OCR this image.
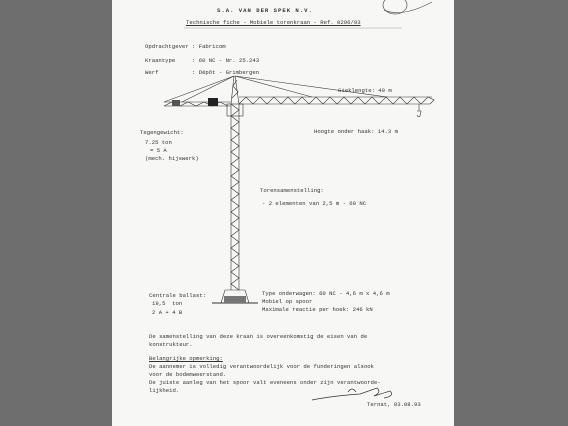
S.A. VAN DER SPEK N.V.
Technische fiche - Mobiele torenkraan - Ref. 0296/93
Opdrachtgever : Fabricom
Kraantype     : 60 NC - Nr. 25.243
Werf          : Dépôt - Grimbergen
Gieklengte: 40 m
Hoogte onder haak: 14.3 m
Tegengewicht:
7.25 ton
= 5 A
(mech. hijswerk)
Torensamenstelling:
- 2 elementen van 2,5 m - 60 NC
Centrale ballast:
19,5  ton
2 A + 4 B
Type onderwagen: 60 NC - 4,6 m x 4,6 m
Mobiel op spoor
Maximale reactie per hoek: 246 kN
De samenstelling van deze kraan is overeenkomstig de eisen van de
konstrukteur.
Belangrijke opmerking:
De aannemer is volledig verantwoordelijk voor de funderingen alsook
voor de bodemweerstand.
De juiste aanleg van het spoor valt eveneens onder zijn verantwoorde-
lijkheid.
Ternat, 03.08.93
